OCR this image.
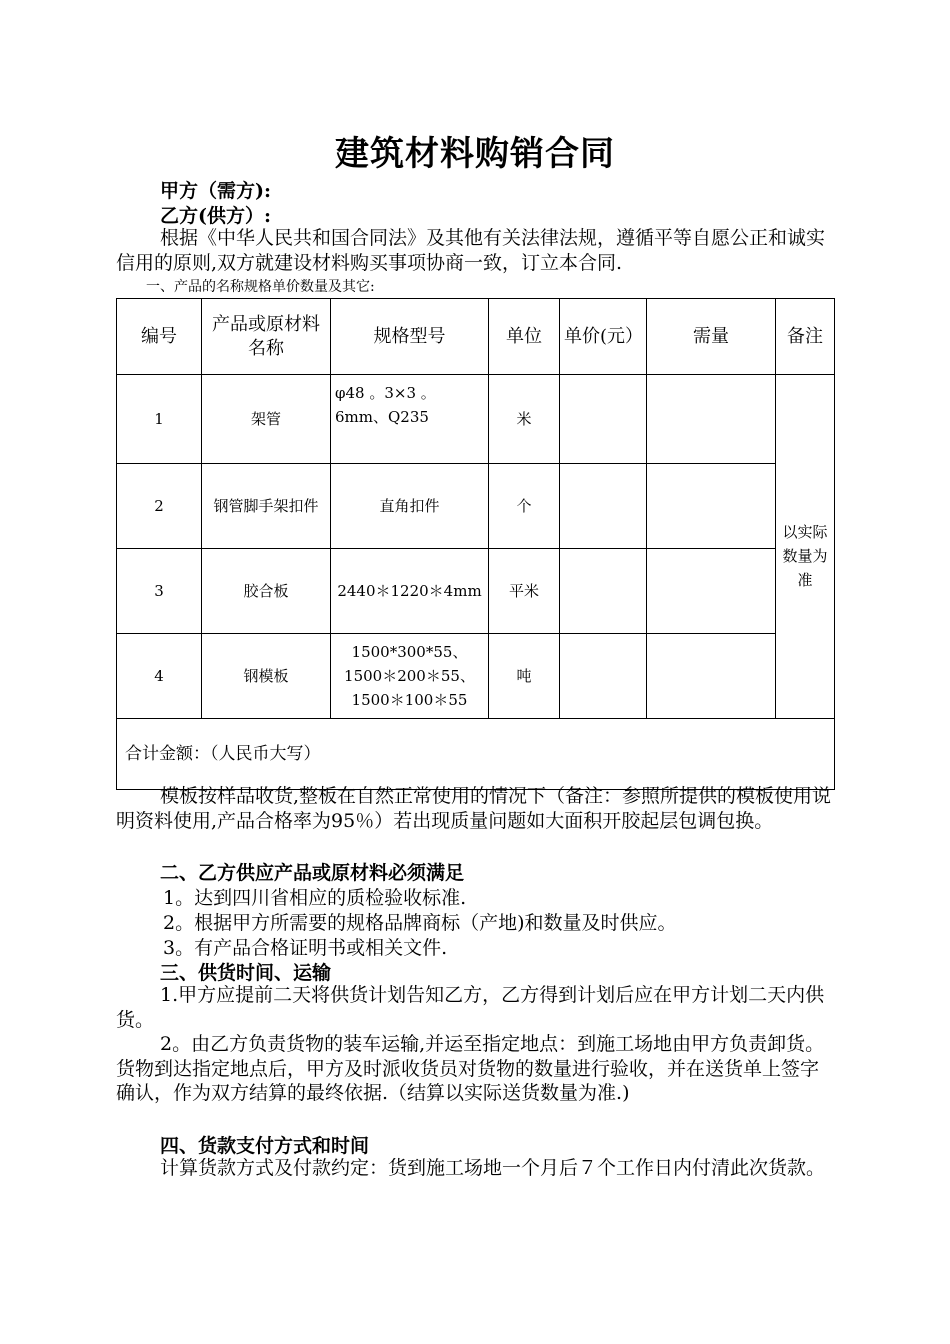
建筑材料购销合同
甲方（需方):
乙方(供方）:
根据《中华人民共和国合同法》及其他有关法律法规，遵循平等自愿公正和诚实信用的原则,双方就建设材料购买事项协商一致，订立本合同.
一、产品的名称规格单价数量及其它:
编号	产品或原材料名称	规格型号	单位	单价(元）	需量	备注
1	架管	φ48 。3×3 。6mm、Q235	米			
2	钢管脚手架扣件	直角扣件	个			以实际数量为准

3	胶合板	2440＊1220＊4mm	平米			
4	钢模板	1500*300*55、1500＊200＊55、1500＊100＊55	吨			
合计金额：（人民币大写）						
模板按样品收货,整板在自然正常使用的情况下（备注：参照所提供的模板使用说明资料使用,产品合格率为95％）若出现质量问题如大面积开胶起层包调包换。
二、乙方供应产品或原材料必须满足
1。达到四川省相应的质检验收标准.
2。根据甲方所需要的规格品牌商标（产地)和数量及时供应。
3。有产品合格证明书或相关文件.
三、供货时间、运输
1.甲方应提前二天将供货计划告知乙方，乙方得到计划后应在甲方计划二天内供货。
2。由乙方负责货物的装车运输,并运至指定地点：到施工场地由甲方负责卸货。货物到达指定地点后，甲方及时派收货员对货物的数量进行验收，并在送货单上签字确认，作为双方结算的最终依据.（结算以实际送货数量为准.)
四、货款支付方式和时间
计算货款方式及付款约定：货到施工场地一个月后７个工作日内付清此次货款。
